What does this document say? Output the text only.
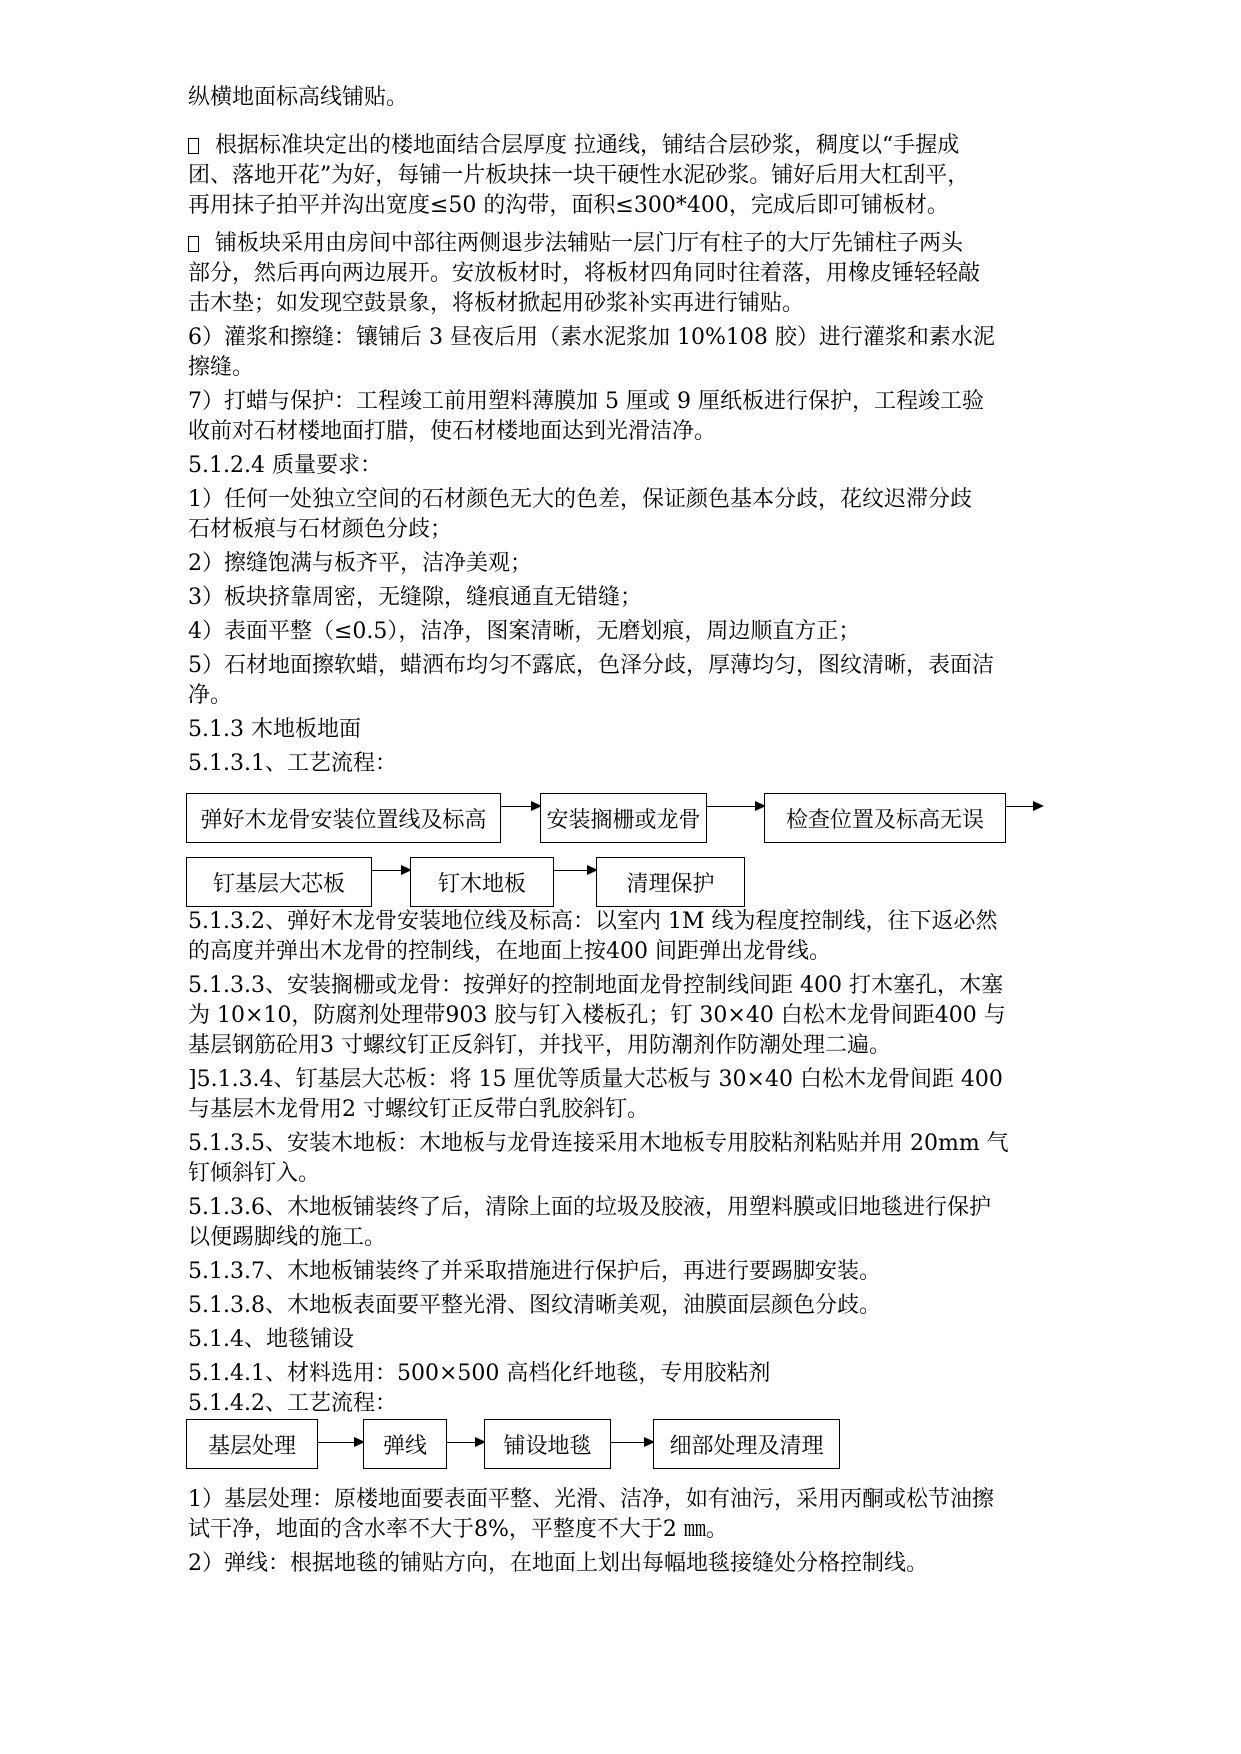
纵横地面标高线铺贴。
根据标准块定出的楼地面结合层厚度 拉通线，铺结合层砂浆，稠度以“手握成
团、落地开花”为好，每铺一片板块抹一块干硬性水泥砂浆。铺好后用大杠刮平，
再用抹子拍平并沟出宽度≤50 的沟带，面积≤300*400，完成后即可铺板材。
铺板块采用由房间中部往两侧退步法辅贴一层门厅有柱子的大厅先铺柱子两头
部分，然后再向两边展开。安放板材时，将板材四角同时往着落，用橡皮锤轻轻敲
击木垫；如发现空鼓景象，将板材掀起用砂浆补实再进行铺贴。
6）灌浆和擦缝：镶铺后 3 昼夜后用（素水泥浆加 10%108 胶）进行灌浆和素水泥
擦缝。
7）打蜡与保护：工程竣工前用塑料薄膜加 5 厘或 9 厘纸板进行保护，工程竣工验
收前对石材楼地面打腊，使石材楼地面达到光滑洁净。
5.1.2.4 质量要求：
1）任何一处独立空间的石材颜色无大的色差，保证颜色基本分歧，花纹迟滞分歧
石材板痕与石材颜色分歧；
2）擦缝饱满与板齐平，洁净美观；
3）板块挤靠周密，无缝隙，缝痕通直无错缝；
4）表面平整（≤0.5），洁净，图案清晰，无磨划痕，周边顺直方正；
5）石材地面擦软蜡，蜡洒布均匀不露底，色泽分歧，厚薄均匀，图纹清晰，表面洁
净。
5.1.3 木地板地面
5.1.3.1、工艺流程：
弹好木龙骨安装位置线及标高	安装搁栅或龙骨	检查位置及标高无误
钉基层大芯板	钉木地板	清理保护
5.1.3.2、弹好木龙骨安装地位线及标高：以室内 1M 线为程度控制线，往下返必然
的高度并弹出木龙骨的控制线，在地面上按400 间距弹出龙骨线。
5.1.3.3、安装搁栅或龙骨：按弹好的控制地面龙骨控制线间距 400 打木塞孔，木塞
为 10×10，防腐剂处理带903 胶与钉入楼板孔；钉 30×40 白松木龙骨间距400 与
基层钢筋砼用3 寸螺纹钉正反斜钉，并找平，用防潮剂作防潮处理二遍。
]5.1.3.4、钉基层大芯板：将 15 厘优等质量大芯板与 30×40 白松木龙骨间距 400
与基层木龙骨用2 寸螺纹钉正反带白乳胶斜钉。
5.1.3.5、安装木地板：木地板与龙骨连接采用木地板专用胶粘剂粘贴并用 20mm 气
钉倾斜钉入。
5.1.3.6、木地板铺装终了后，清除上面的垃圾及胶液，用塑料膜或旧地毯进行保护
以便踢脚线的施工。
5.1.3.7、木地板铺装终了并采取措施进行保护后，再进行要踢脚安装。
5.1.3.8、木地板表面要平整光滑、图纹清晰美观，油膜面层颜色分歧。
5.1.4、地毯铺设
5.1.4.1、材料选用：500×500 高档化纤地毯，专用胶粘剂
5.1.4.2、工艺流程：
基层处理	弹线	铺设地毯	细部处理及清理
1）基层处理：原楼地面要表面平整、光滑、洁净，如有油污，采用丙酮或松节油擦
试干净，地面的含水率不大于8%，平整度不大于2 ㎜。
2）弹线：根据地毯的铺贴方向，在地面上划出每幅地毯接缝处分格控制线。
